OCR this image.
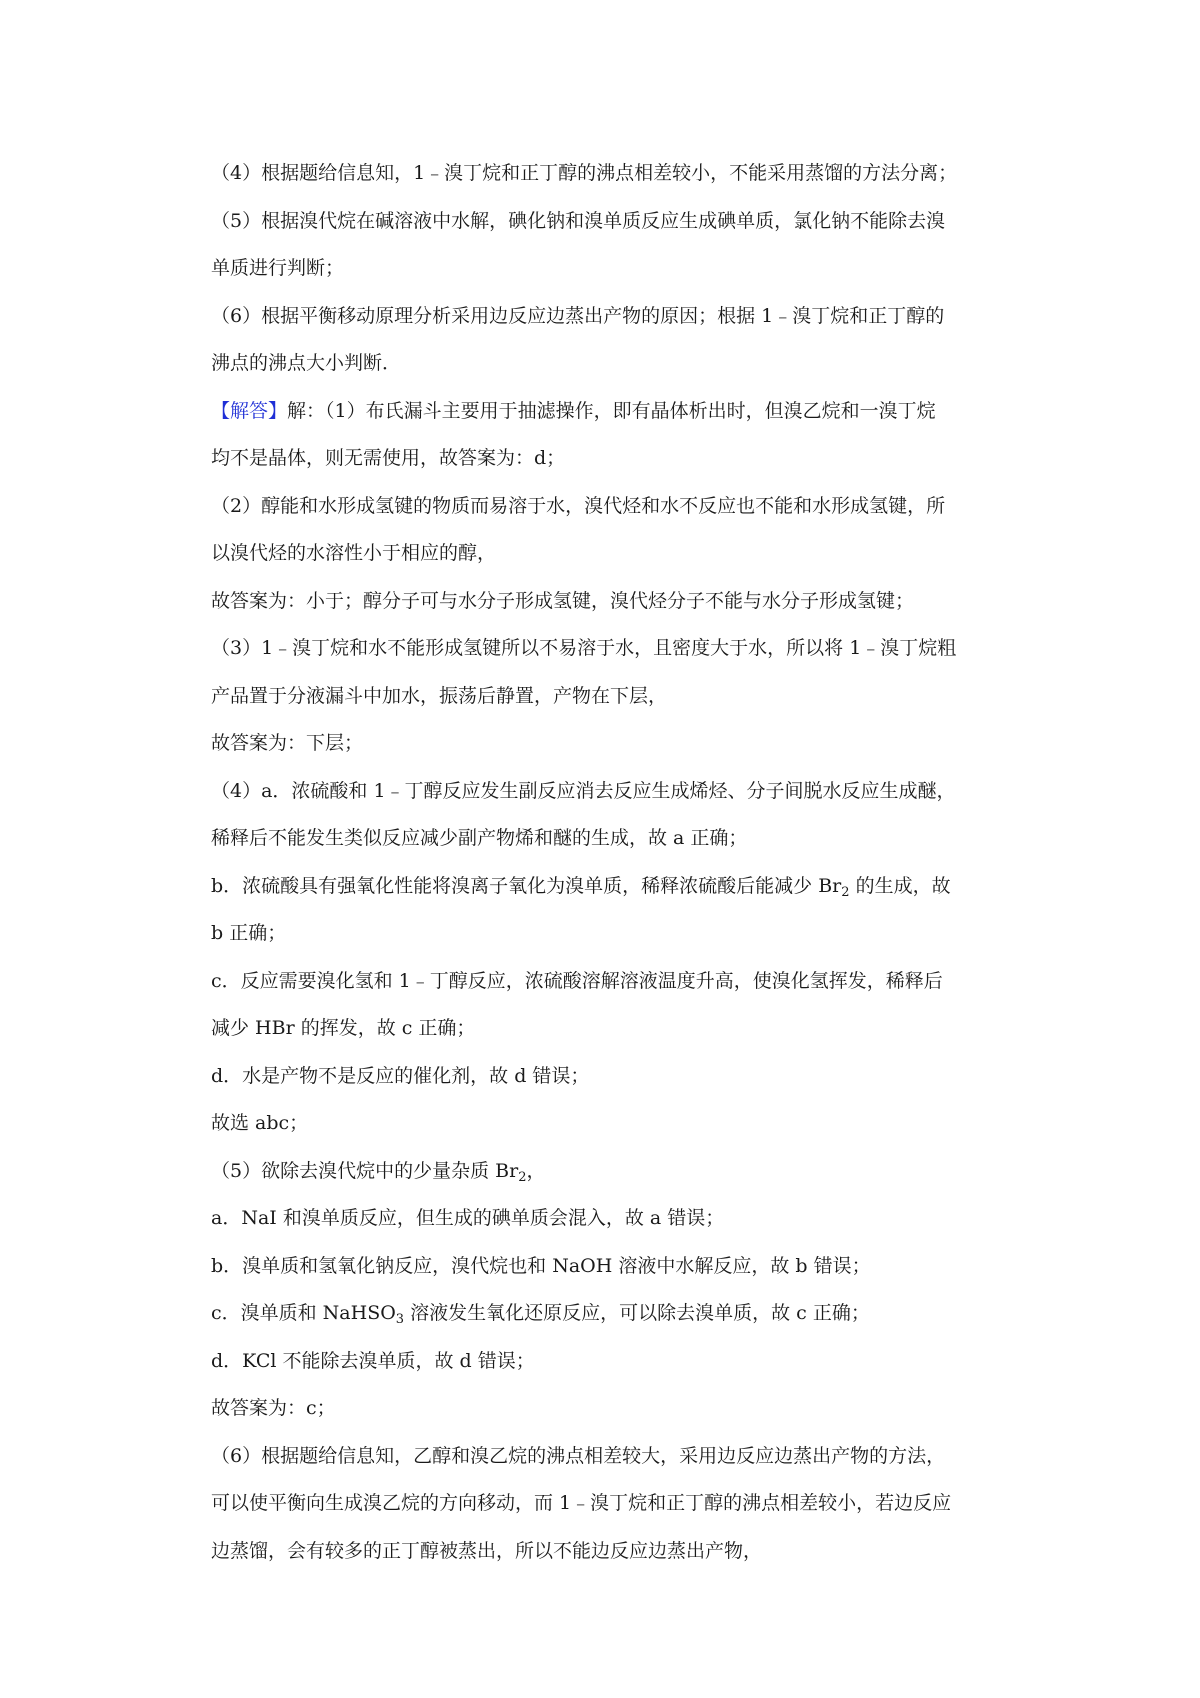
（4）根据题给信息知，1﹣溴丁烷和正丁醇的沸点相差较小，不能采用蒸馏的方法分离；
（5）根据溴代烷在碱溶液中水解，碘化钠和溴单质反应生成碘单质，氯化钠不能除去溴
单质进行判断；
（6）根据平衡移动原理分析采用边反应边蒸出产物的原因；根据 1﹣溴丁烷和正丁醇的
沸点的沸点大小判断．
【解答】解：（1）布氏漏斗主要用于抽滤操作，即有晶体析出时，但溴乙烷和一溴丁烷
均不是晶体，则无需使用，故答案为：d；
（2）醇能和水形成氢键的物质而易溶于水，溴代烃和水不反应也不能和水形成氢键，所
以溴代烃的水溶性小于相应的醇，
故答案为：小于；醇分子可与水分子形成氢键，溴代烃分子不能与水分子形成氢键；
（3）1﹣溴丁烷和水不能形成氢键所以不易溶于水，且密度大于水，所以将 1﹣溴丁烷粗
产品置于分液漏斗中加水，振荡后静置，产物在下层，
故答案为：下层；
（4）a．浓硫酸和 1﹣丁醇反应发生副反应消去反应生成烯烃、分子间脱水反应生成醚，
稀释后不能发生类似反应减少副产物烯和醚的生成，故 a 正确；
b．浓硫酸具有强氧化性能将溴离子氧化为溴单质，稀释浓硫酸后能减少 $Br_2$ 的生成，故
b 正确；
c．反应需要溴化氢和 1﹣丁醇反应，浓硫酸溶解溶液温度升高，使溴化氢挥发，稀释后
减少 HBr 的挥发，故 c 正确；
d．水是产物不是反应的催化剂，故 d 错误；
故选 abc；
（5）欲除去溴代烷中的少量杂质 $Br_2$，
a．NaI 和溴单质反应，但生成的碘单质会混入，故 a 错误；
b．溴单质和氢氧化钠反应，溴代烷也和 NaOH 溶液中水解反应，故 b 错误；
c．溴单质和 NaHSO$_3$ 溶液发生氧化还原反应，可以除去溴单质，故 c 正确；
d．KCl 不能除去溴单质，故 d 错误；
故答案为：c；
（6）根据题给信息知，乙醇和溴乙烷的沸点相差较大，采用边反应边蒸出产物的方法，
可以使平衡向生成溴乙烷的方向移动，而 1﹣溴丁烷和正丁醇的沸点相差较小，若边反应
边蒸馏，会有较多的正丁醇被蒸出，所以不能边反应边蒸出产物，
